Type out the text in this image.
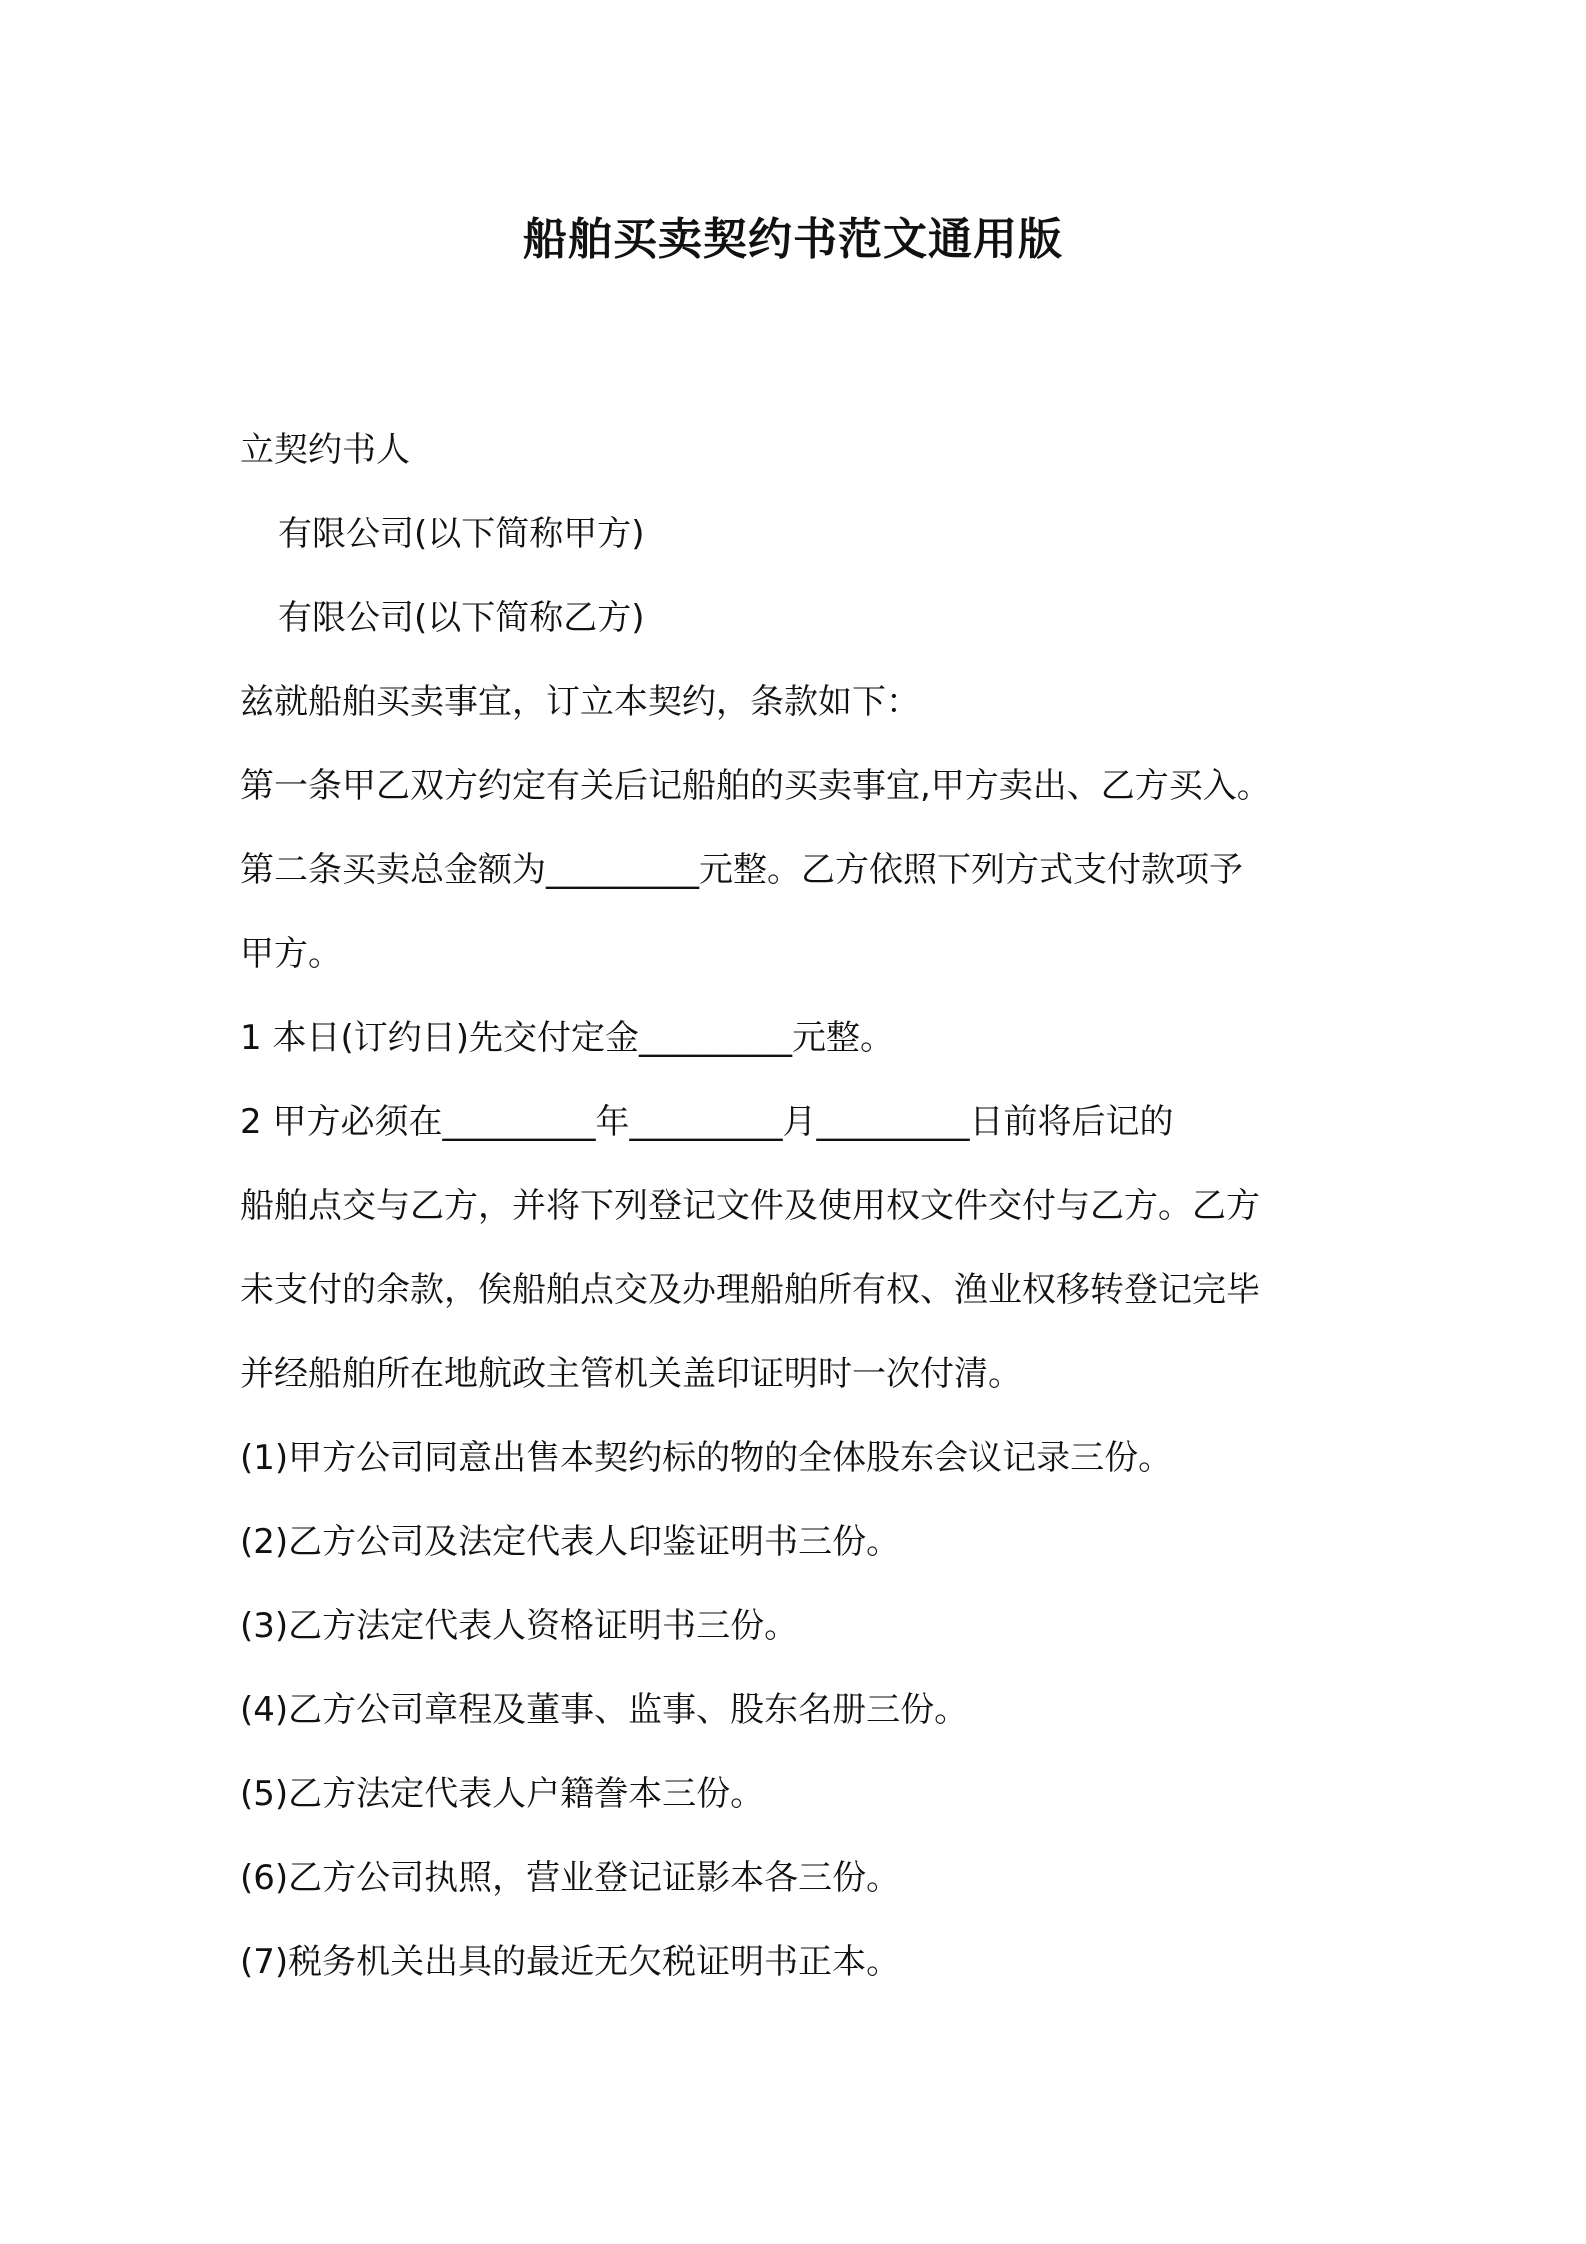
船舶买卖契约书范文通用版
立契约书人
有限公司(以下简称甲方)
有限公司(以下简称乙方)
兹就船舶买卖事宜，订立本契约，条款如下：
第一条甲乙双方约定有关后记船舶的买卖事宜,甲方卖出、乙方买入。
第二条买卖总金额为_________元整。乙方依照下列方式支付款项予
甲方。
1 本日(订约日)先交付定金_________元整。
2 甲方必须在_________年_________月_________日前将后记的
船舶点交与乙方，并将下列登记文件及使用权文件交付与乙方。乙方
未支付的余款，俟船舶点交及办理船舶所有权、渔业权移转登记完毕
并经船舶所在地航政主管机关盖印证明时一次付清。
(1)甲方公司同意出售本契约标的物的全体股东会议记录三份。
(2)乙方公司及法定代表人印鉴证明书三份。
(3)乙方法定代表人资格证明书三份。
(4)乙方公司章程及董事、监事、股东名册三份。
(5)乙方法定代表人户籍誊本三份。
(6)乙方公司执照，营业登记证影本各三份。
(7)税务机关出具的最近无欠税证明书正本。
